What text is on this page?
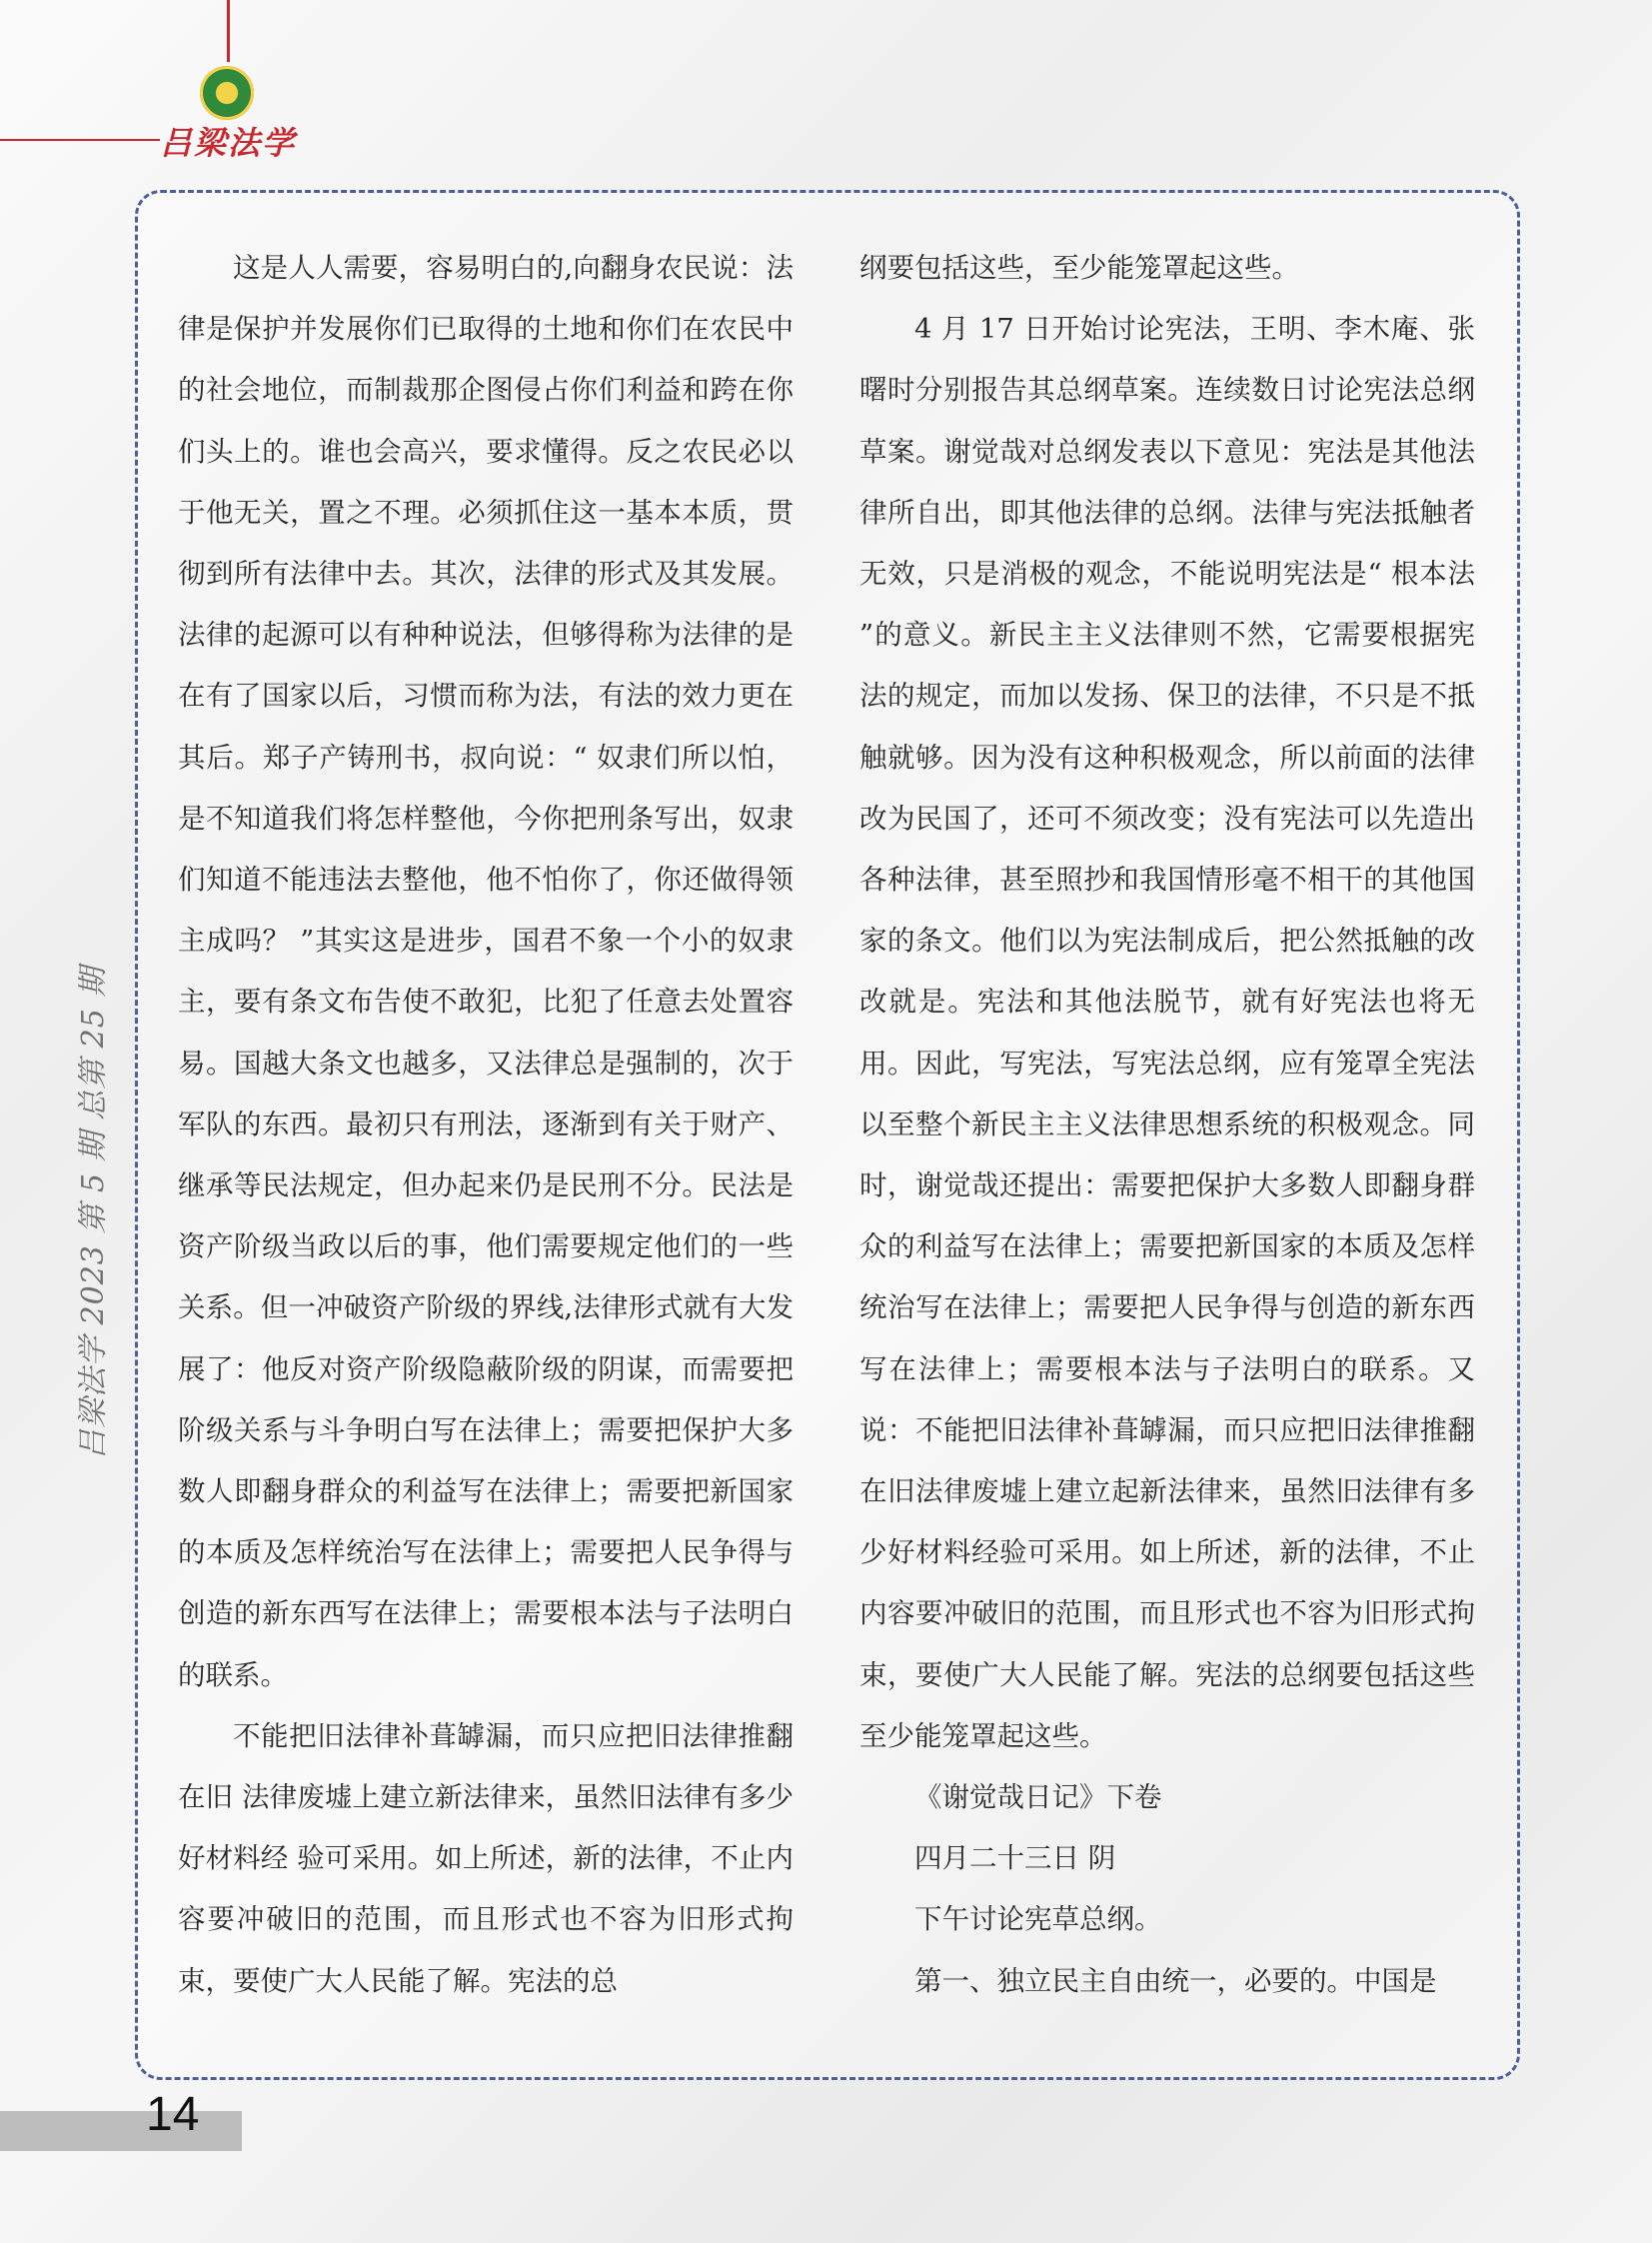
吕梁法学
吕梁法学 2023 第 5 期 总第 25 期

这是人人需要，容易明白的,向翻身农民说：法律是保护并发展你们已取得的土地和你们在农民中的社会地位，而制裁那企图侵占你们利益和跨在你们头上的。谁也会高兴，要求懂得。反之农民必以于他无关，置之不理。必须抓住这一基本本质，贯彻到所有法律中去。其次，法律的形式及其发展。法律的起源可以有种种说法，但够得称为法律的是在有了国家以后，习惯而称为法，有法的效力更在其后。郑子产铸刑书，叔向说：“ 奴隶们所以怕，是不知道我们将怎样整他，今你把刑条写出，奴隶们知道不能违法去整他，他不怕你了，你还做得领主成吗？ ”其实这是进步，国君不象一个小的奴隶主，要有条文布告使不敢犯，比犯了任意去处置容易。国越大条文也越多，又法律总是强制的，次于军队的东西。最初只有刑法，逐渐到有关于财产、继承等民法规定，但办起来仍是民刑不分。民法是资产阶级当政以后的事，他们需要规定他们的一些关系。但一冲破资产阶级的界线,法律形式就有大发展了：他反对资产阶级隐蔽阶级的阴谋，而需要把阶级关系与斗争明白写在法律上；需要把保护大多数人即翻身群众的利益写在法律上；需要把新国家的本质及怎样统治写在法律上；需要把人民争得与创造的新东西写在法律上；需要根本法与子法明白的联系。

不能把旧法律补葺罅漏，而只应把旧法律推翻在旧 法律废墟上建立新法律来，虽然旧法律有多少好材料经 验可采用。如上所述，新的法律，不止内容要冲破旧的范围，而且形式也不容为旧形式拘束，要使广大人民能了解。宪法的总

纲要包括这些，至少能笼罩起这些。

4 月 17 日开始讨论宪法，王明、李木庵、张曙时分别报告其总纲草案。连续数日讨论宪法总纲草案。谢觉哉对总纲发表以下意见：宪法是其他法律所自出，即其他法律的总纲。法律与宪法抵触者无效，只是消极的观念，不能说明宪法是“ 根本法 ”的意义。新民主主义法律则不然，它需要根据宪法的规定，而加以发扬、保卫的法律，不只是不抵触就够。因为没有这种积极观念，所以前面的法律改为民国了，还可不须改变；没有宪法可以先造出各种法律，甚至照抄和我国情形毫不相干的其他国家的条文。他们以为宪法制成后，把公然抵触的改改就是。宪法和其他法脱节，就有好宪法也将无用。因此，写宪法，写宪法总纲，应有笼罩全宪法以至整个新民主主义法律思想系统的积极观念。同时，谢觉哉还提出：需要把保护大多数人即翻身群众的利益写在法律上；需要把新国家的本质及怎样统治写在法律上；需要把人民争得与创造的新东西写在法律上；需要根本法与子法明白的联系。又说：不能把旧法律补葺罅漏，而只应把旧法律推翻在旧法律废墟上建立起新法律来，虽然旧法律有多少好材料经验可采用。如上所述，新的法律，不止内容要冲破旧的范围，而且形式也不容为旧形式拘束，要使广大人民能了解。宪法的总纲要包括这些至少能笼罩起这些。

《谢觉哉日记》下卷

四月二十三日 阴

下午讨论宪草总纲。

第一、独立民主自由统一，必要的。中国是

14
